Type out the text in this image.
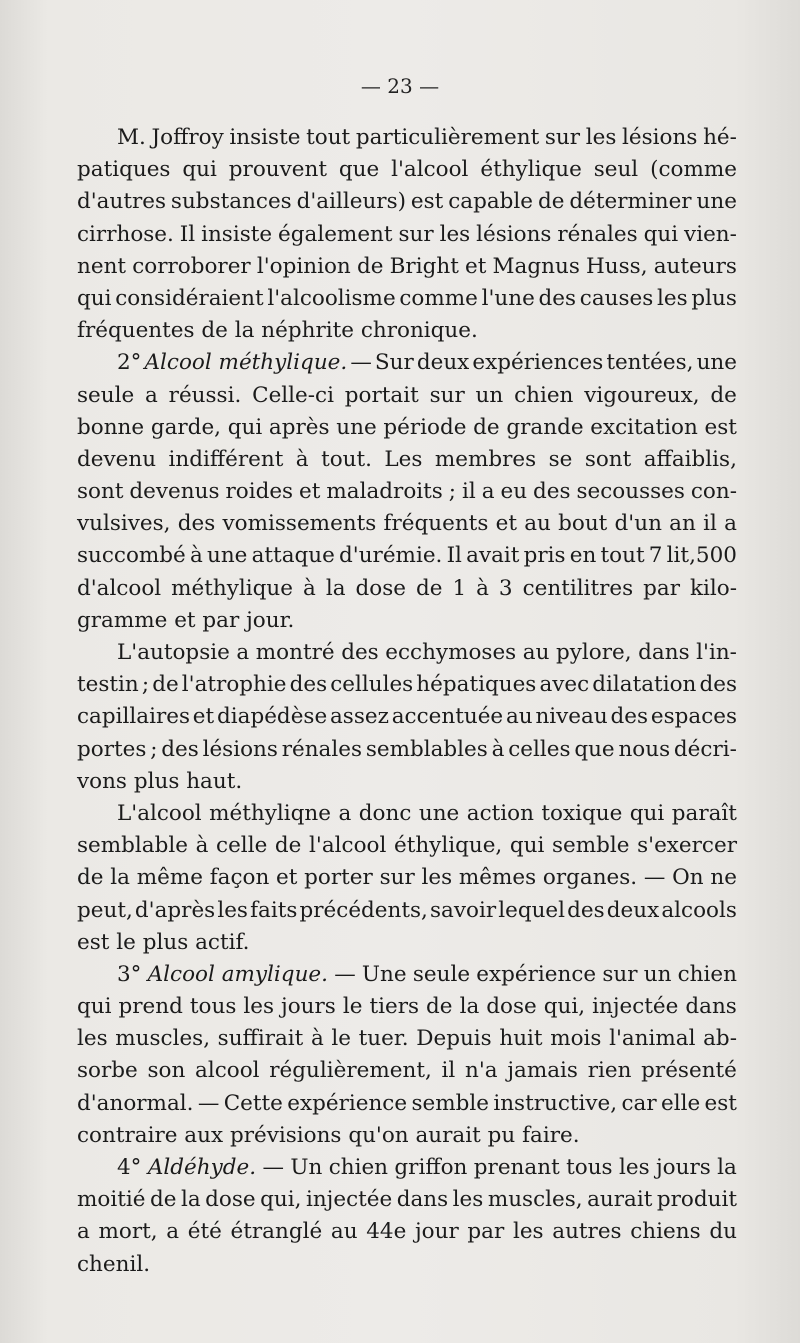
— 23 —
M. Joffroy insiste tout particulièrement sur les lésions hé-
patiques qui prouvent que l'alcool éthylique seul (comme
d'autres substances d'ailleurs) est capable de déterminer une
cirrhose. Il insiste également sur les lésions rénales qui vien-
nent corroborer l'opinion de Bright et Magnus Huss, auteurs
qui considéraient l'alcoolisme comme l'une des causes les plus
fréquentes
de
la
néphrite
chronique.
2° Alcool méthylique. — Sur deux expériences tentées, une
seule a réussi. Celle-ci portait sur un chien vigoureux, de
bonne garde, qui après une période de grande excitation est
devenu indifférent à tout. Les membres se sont affaiblis,
sont devenus roides et maladroits ; il a eu des secousses con-
vulsives, des vomissements fréquents et au bout d'un an il a
succombé à une attaque d'urémie. Il avait pris en tout 7 lit,500
d'alcool méthylique à la dose de 1 à 3 centilitres par kilo-
gramme
et
par
jour.
L'autopsie a montré des ecchymoses au pylore, dans l'in-
testin ; de l'atrophie des cellules hépatiques avec dilatation des
capillaires et diapédèse assez accentuée au niveau des espaces
portes ; des lésions rénales semblables à celles que nous décri-
vons
plus
haut.
L'alcool méthyliqne a donc une action toxique qui paraît
semblable à celle de l'alcool éthylique, qui semble s'exercer
de la même façon et porter sur les mêmes organes. — On ne
peut, d'après les faits précédents, savoir lequel des deux alcools
est
le
plus
actif.
3° Alcool amylique. — Une seule expérience sur un chien
qui prend tous les jours le tiers de la dose qui, injectée dans
les muscles, suffirait à le tuer. Depuis huit mois l'animal ab-
sorbe son alcool régulièrement, il n'a jamais rien présenté
d'anormal. — Cette expérience semble instructive, car elle est
contraire
aux
prévisions
qu'on
aurait
pu
faire.
4° Aldéhyde. — Un chien griffon prenant tous les jours la
moitié de la dose qui, injectée dans les muscles, aurait produit
a mort, a été étranglé au 44e jour par les autres chiens du
chenil.
